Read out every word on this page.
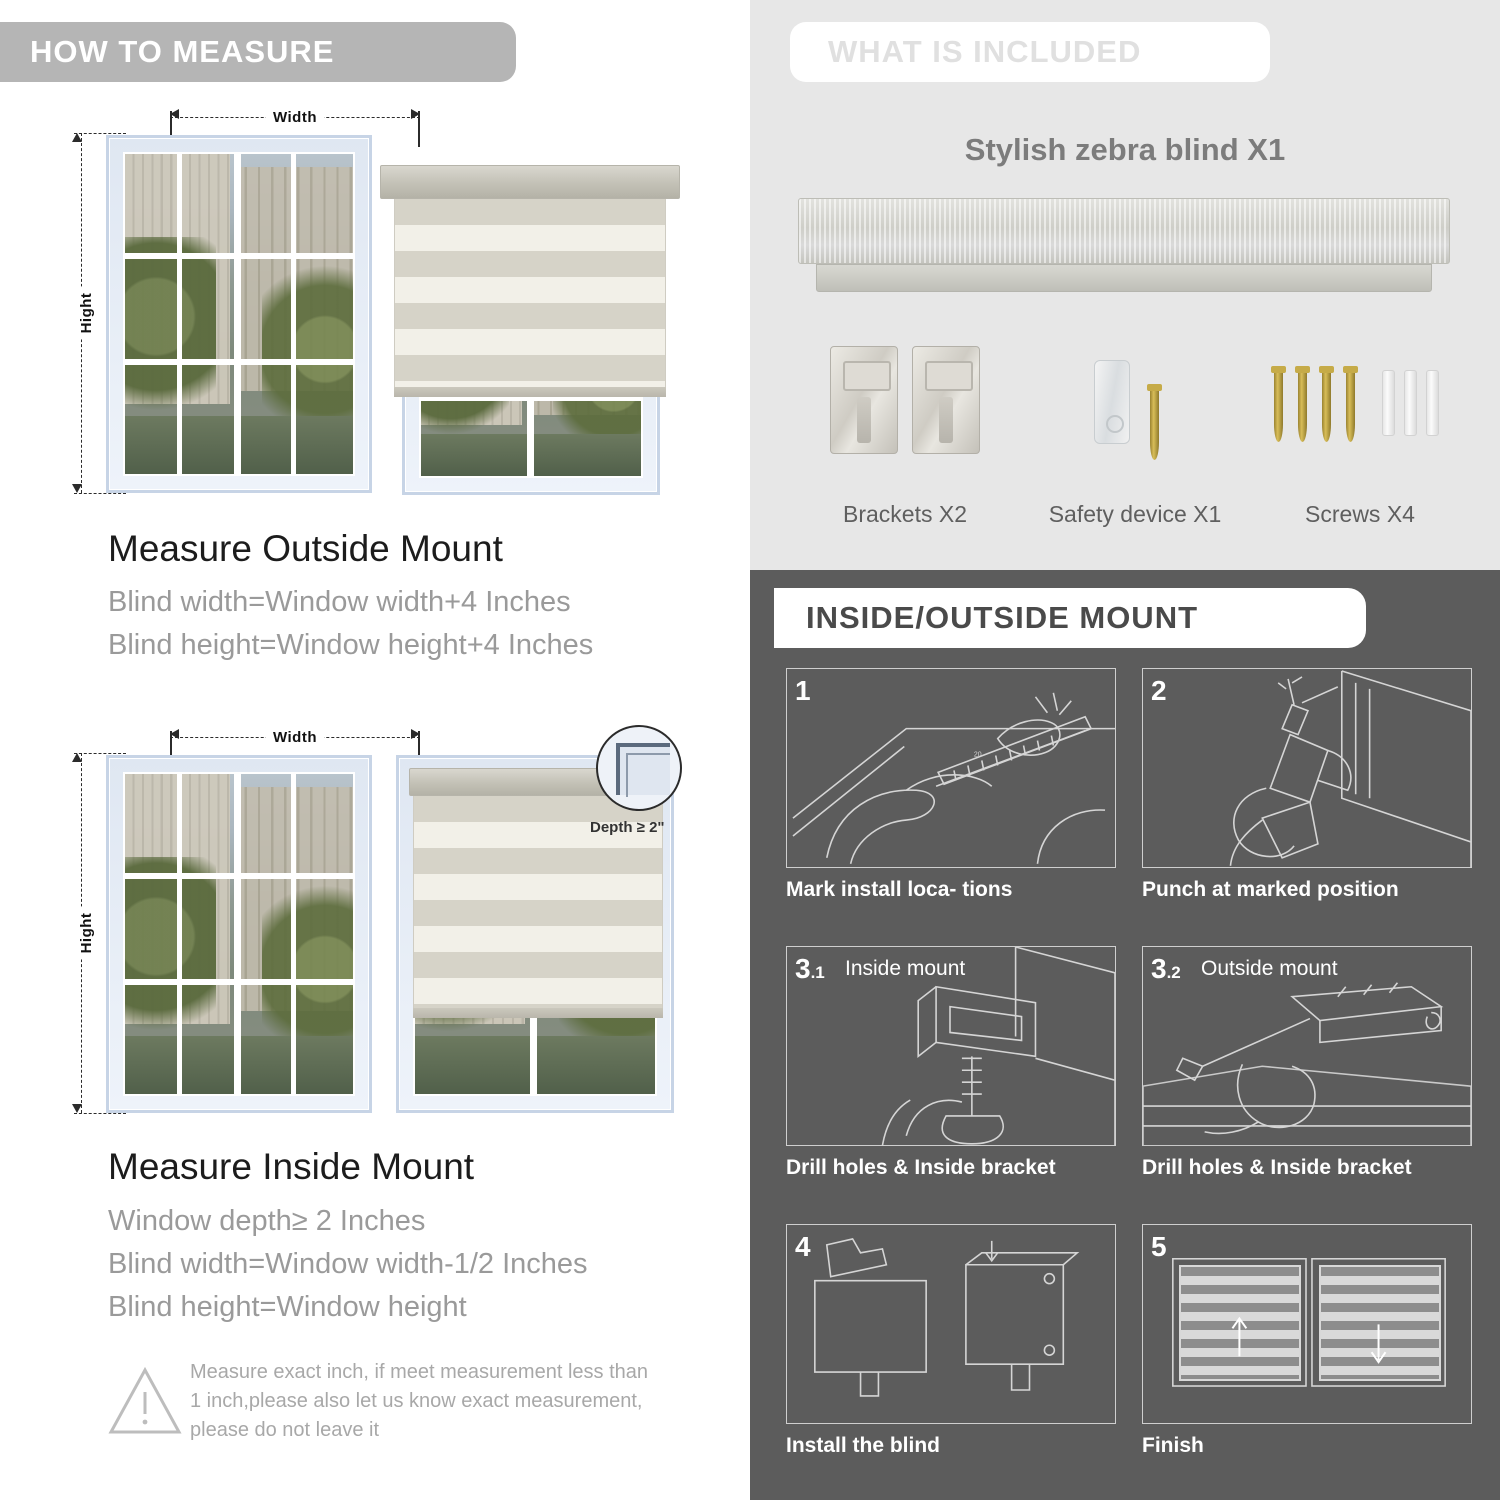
HOW TO MEASURE
Width
Hight
Measure Outside Mount
Blind width=Window width+4 Inches
Blind height=Window height+4 Inches
Width
Hight
Depth ≥ 2"
Measure Inside Mount
Window depth≥ 2 Inches
Blind width=Window width-1/2 Inches
Blind height=Window height
Measure exact inch, if meet measurement less than 1 inch,please also let us know exact measurement, please do not leave it
WHAT IS INCLUDED
Stylish zebra blind X1
Brackets X2	Safety device X1	Screws X4
INSIDE/OUTSIDE MOUNT
20
1
Mark install loca- tions
2
Punch at marked position
3.1 Inside mount
Drill holes & Inside bracket
3.2 Outside mount
Drill holes & Inside bracket
4
Install the blind
5
Finish
